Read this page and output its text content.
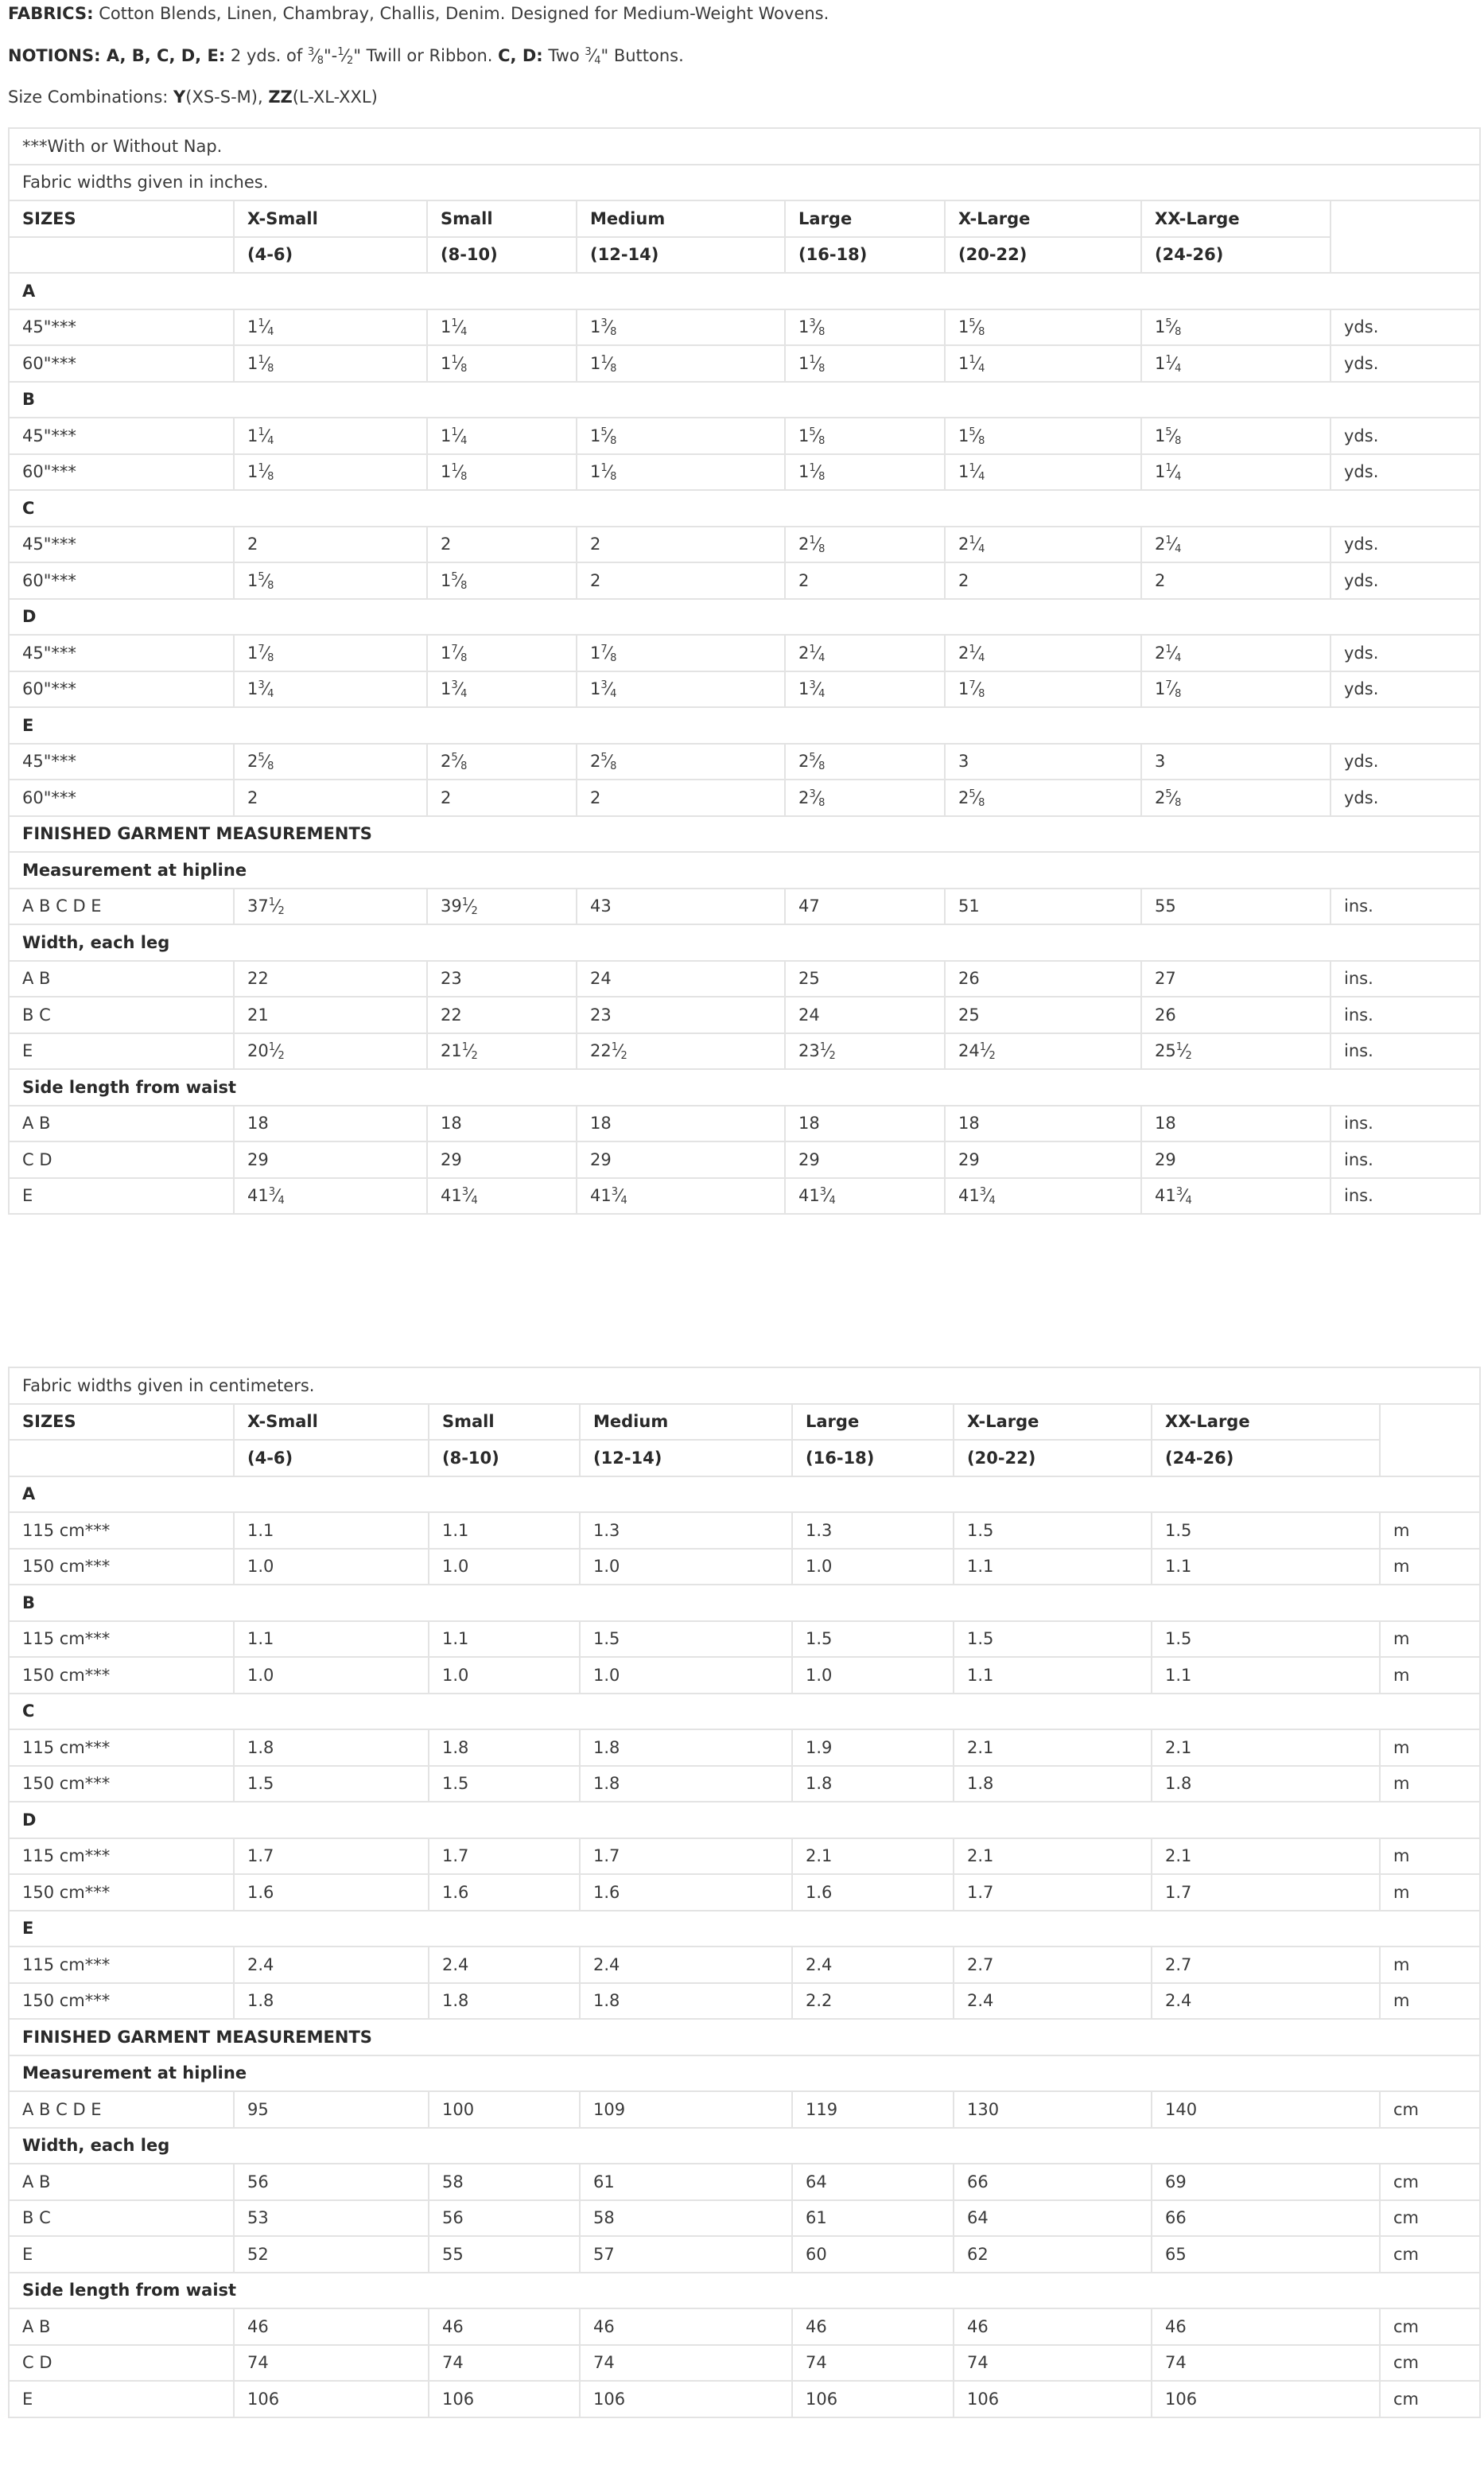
FABRICS: Cotton Blends, Linen, Chambray, Challis, Denim. Designed for Medium-Weight Wovens.
NOTIONS: A, B, C, D, E: 2 yds. of $^3⁄_8"-^1⁄_2$" Twill or Ribbon. C, D: Two $^3⁄_4$" Buttons.
Size Combinations: Y(XS-S-M), ZZ(L-XL-XXL)
***With or Without Nap.							
Fabric widths given in inches.							
SIZES	X-Small	Small	Medium	Large	X-Large	XX-Large	
	(4-6)	(8-10)	(12-14)	(16-18)	(20-22)	(24-26)	
A							
45"***	$1^1⁄_4$	$1^1⁄_4$	$1^3⁄_8$	$1^3⁄_8$	$1^5⁄_8$	$1^5⁄_8$	yds.
60"***	$1^1⁄_8$	$1^1⁄_8$	$1^1⁄_8$	$1^1⁄_8$	$1^1⁄_4$	$1^1⁄_4$	yds.
B							
45"***	$1^1⁄_4$	$1^1⁄_4$	$1^5⁄_8$	$1^5⁄_8$	$1^5⁄_8$	$1^5⁄_8$	yds.
60"***	$1^1⁄_8$	$1^1⁄_8$	$1^1⁄_8$	$1^1⁄_8$	$1^1⁄_4$	$1^1⁄_4$	yds.
C							
45"***	2	2	2	$2^1⁄_8$	$2^1⁄_4$	$2^1⁄_4$	yds.
60"***	$1^5⁄_8$	$1^5⁄_8$	2	2	2	2	yds.
D							
45"***	$1^7⁄_8$	$1^7⁄_8$	$1^7⁄_8$	$2^1⁄_4$	$2^1⁄_4$	$2^1⁄_4$	yds.
60"***	$1^3⁄_4$	$1^3⁄_4$	$1^3⁄_4$	$1^3⁄_4$	$1^7⁄_8$	$1^7⁄_8$	yds.
E							
45"***	$2^5⁄_8$	$2^5⁄_8$	$2^5⁄_8$	$2^5⁄_8$	3	3	yds.
60"***	2	2	2	$2^3⁄_8$	$2^5⁄_8$	$2^5⁄_8$	yds.
FINISHED GARMENT MEASUREMENTS							
Measurement at hipline							
A B C D E	$37^1⁄_2$	$39^1⁄_2$	43	47	51	55	ins.
Width, each leg							
A B	22	23	24	25	26	27	ins.
B C	21	22	23	24	25	26	ins.
E	$20^1⁄_2$	$21^1⁄_2$	$22^1⁄_2$	$23^1⁄_2$	$24^1⁄_2$	$25^1⁄_2$	ins.
Side length from waist							
A B	18	18	18	18	18	18	ins.
C D	29	29	29	29	29	29	ins.
E	$41^3⁄_4$	$41^3⁄_4$	$41^3⁄_4$	$41^3⁄_4$	$41^3⁄_4$	$41^3⁄_4$	ins.
Fabric widths given in centimeters.							
SIZES	X-Small	Small	Medium	Large	X-Large	XX-Large	
	(4-6)	(8-10)	(12-14)	(16-18)	(20-22)	(24-26)	
A							
115 cm***	1.1	1.1	1.3	1.3	1.5	1.5	m
150 cm***	1.0	1.0	1.0	1.0	1.1	1.1	m
B							
115 cm***	1.1	1.1	1.5	1.5	1.5	1.5	m
150 cm***	1.0	1.0	1.0	1.0	1.1	1.1	m
C							
115 cm***	1.8	1.8	1.8	1.9	2.1	2.1	m
150 cm***	1.5	1.5	1.8	1.8	1.8	1.8	m
D							
115 cm***	1.7	1.7	1.7	2.1	2.1	2.1	m
150 cm***	1.6	1.6	1.6	1.6	1.7	1.7	m
E							
115 cm***	2.4	2.4	2.4	2.4	2.7	2.7	m
150 cm***	1.8	1.8	1.8	2.2	2.4	2.4	m
FINISHED GARMENT MEASUREMENTS							
Measurement at hipline							
A B C D E	95	100	109	119	130	140	cm
Width, each leg							
A B	56	58	61	64	66	69	cm
B C	53	56	58	61	64	66	cm
E	52	55	57	60	62	65	cm
Side length from waist							
A B	46	46	46	46	46	46	cm
C D	74	74	74	74	74	74	cm
E	106	106	106	106	106	106	cm
